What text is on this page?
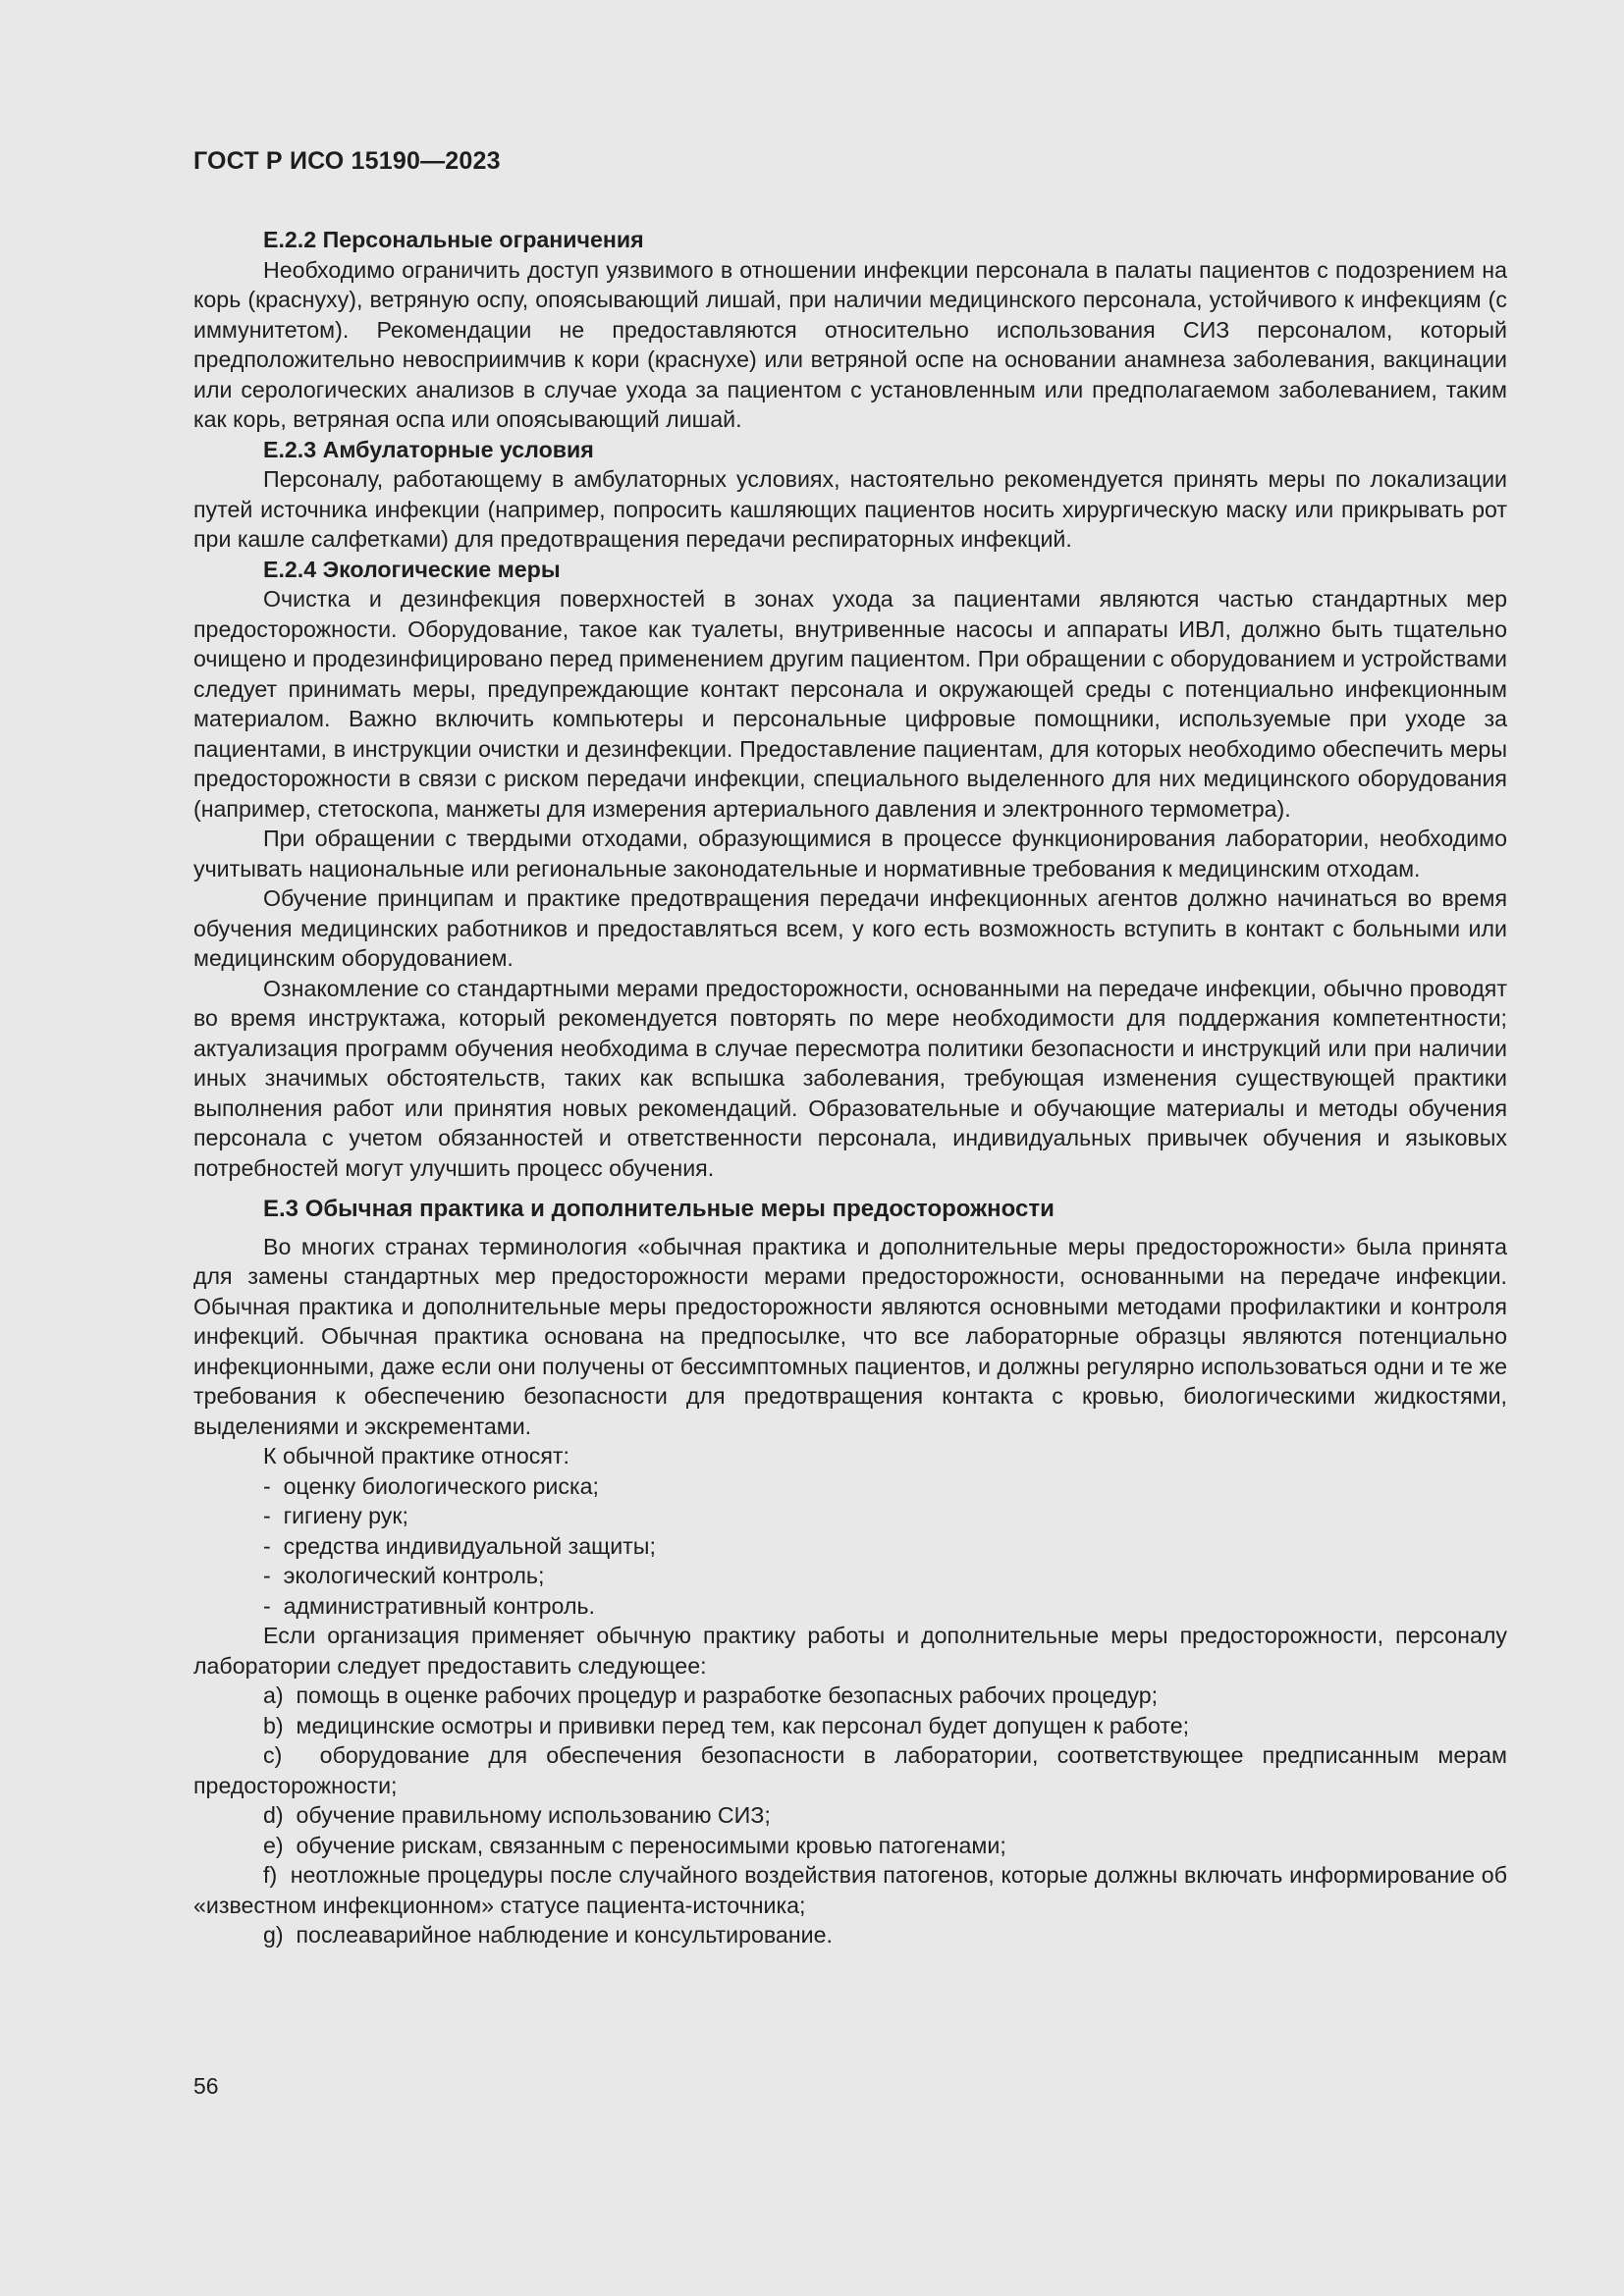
ГОСТ Р ИСО 15190—2023
E.2.2 Персональные ограничения

Необходимо ограничить доступ уязвимого в отношении инфекции персонала в палаты пациентов с подозрением на корь (краснуху), ветряную оспу, опоясывающий лишай, при наличии медицинского персонала, устойчивого к инфекциям (с иммунитетом). Рекомендации не предоставляются относительно использования СИЗ персоналом, который предположительно невосприимчив к кори (краснухе) или ветряной оспе на основании анамнеза заболевания, вакцинации или серологических анализов в случае ухода за пациентом с установленным или предполагаемом заболеванием, таким как корь, ветряная оспа или опоясывающий лишай.

E.2.3 Амбулаторные условия

Персоналу, работающему в амбулаторных условиях, настоятельно рекомендуется принять меры по локализации путей источника инфекции (например, попросить кашляющих пациентов носить хирургическую маску или прикрывать рот при кашле салфетками) для предотвращения передачи респираторных инфекций.

E.2.4 Экологические меры

Очистка и дезинфекция поверхностей в зонах ухода за пациентами являются частью стандартных мер предосторожности. Оборудование, такое как туалеты, внутривенные насосы и аппараты ИВЛ, должно быть тщательно очищено и продезинфицировано перед применением другим пациентом. При обращении с оборудованием и устройствами следует принимать меры, предупреждающие контакт персонала и окружающей среды с потенциально инфекционным материалом. Важно включить компьютеры и персональные цифровые помощники, используемые при уходе за пациентами, в инструкции очистки и дезинфекции. Предоставление пациентам, для которых необходимо обеспечить меры предосторожности в связи с риском передачи инфекции, специального выделенного для них медицинского оборудования (например, стетоскопа, манжеты для измерения артериального давления и электронного термометра).

При обращении с твердыми отходами, образующимися в процессе функционирования лаборатории, необходимо учитывать национальные или региональные законодательные и нормативные требования к медицинским отходам.

Обучение принципам и практике предотвращения передачи инфекционных агентов должно начинаться во время обучения медицинских работников и предоставляться всем, у кого есть возможность вступить в контакт с больными или медицинским оборудованием.

Ознакомление со стандартными мерами предосторожности, основанными на передаче инфекции, обычно проводят во время инструктажа, который рекомендуется повторять по мере необходимости для поддержания компетентности; актуализация программ обучения необходима в случае пересмотра политики безопасности и инструкций или при наличии иных значимых обстоятельств, таких как вспышка заболевания, требующая изменения существующей практики выполнения работ или принятия новых рекомендаций. Образовательные и обучающие материалы и методы обучения персонала с учетом обязанностей и ответственности персонала, индивидуальных привычек обучения и языковых потребностей могут улучшить процесс обучения.

E.3 Обычная практика и дополнительные меры предосторожности

Во многих странах терминология «обычная практика и дополнительные меры предосторожности» была принята для замены стандартных мер предосторожности мерами предосторожности, основанными на передаче инфекции. Обычная практика и дополнительные меры предосторожности являются основными методами профилактики и контроля инфекций. Обычная практика основана на предпосылке, что все лабораторные образцы являются потенциально инфекционными, даже если они получены от бессимптомных пациентов, и должны регулярно использоваться одни и те же требования к обеспечению безопасности для предотвращения контакта с кровью, биологическими жидкостями, выделениями и экскрементами.

К обычной практике относят:

-  оценку биологического риска;
-  гигиену рук;
-  средства индивидуальной защиты;
-  экологический контроль;
-  административный контроль.

Если организация применяет обычную практику работы и дополнительные меры предосторожности, персоналу лаборатории следует предоставить следующее:

a)  помощь в оценке рабочих процедур и разработке безопасных рабочих процедур;
b)  медицинские осмотры и прививки перед тем, как персонал будет допущен к работе;
c)  оборудование для обеспечения безопасности в лаборатории, соответствующее предписанным мерам предосторожности;
d)  обучение правильному использованию СИЗ;
e)  обучение рискам, связанным с переносимыми кровью патогенами;
f)  неотложные процедуры после случайного воздействия патогенов, которые должны включать информирование об «известном инфекционном» статусе пациента-источника;
g)  послеаварийное наблюдение и консультирование.
56
